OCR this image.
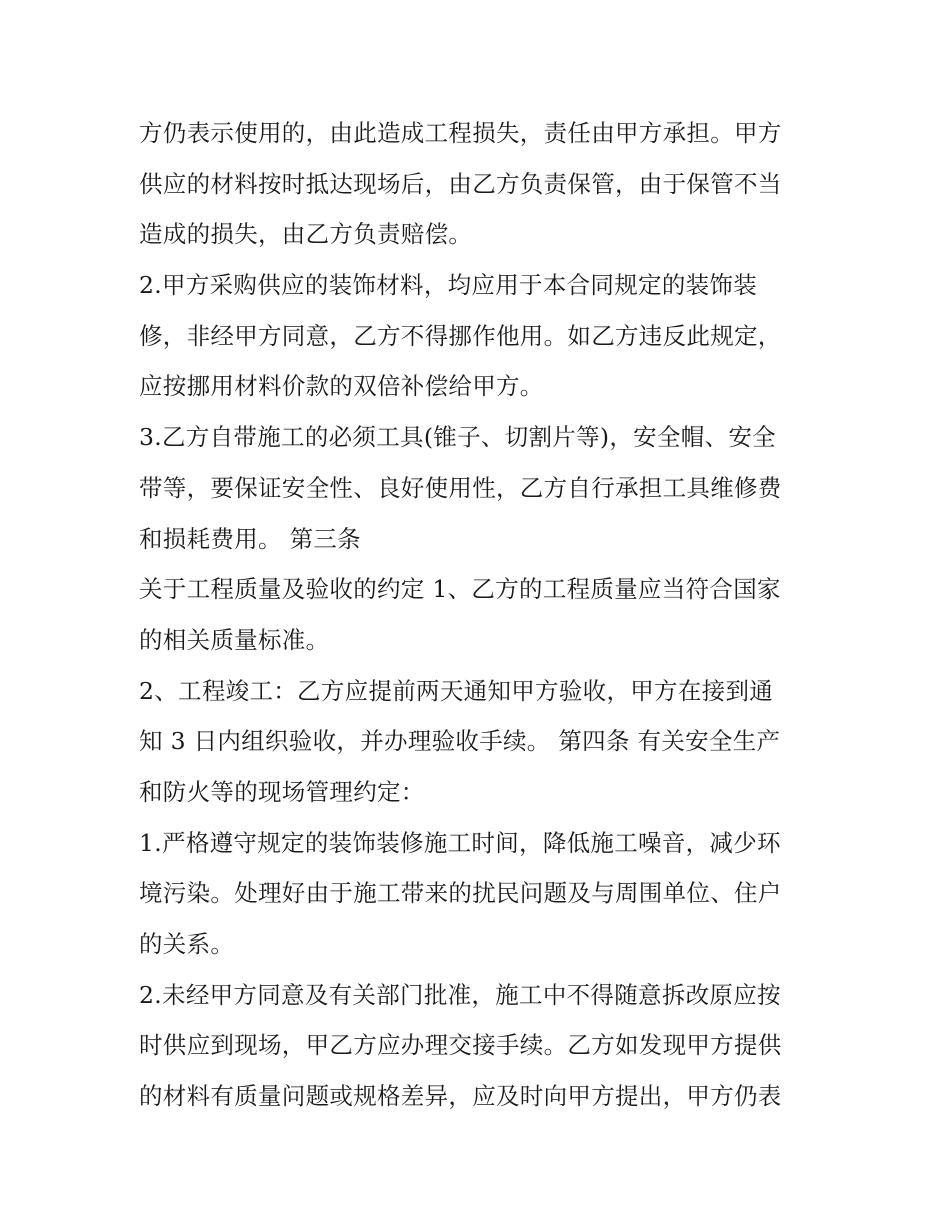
方仍表示使用的，由此造成工程损失，责任由甲方承担。甲方
供应的材料按时抵达现场后，由乙方负责保管，由于保管不当
造成的损失，由乙方负责赔偿。
2.甲方采购供应的装饰材料，均应用于本合同规定的装饰装
修，非经甲方同意，乙方不得挪作他用。如乙方违反此规定，
应按挪用材料价款的双倍补偿给甲方。
3.乙方自带施工的必须工具(锥子、切割片等)，安全帽、安全
带等，要保证安全性、良好使用性，乙方自行承担工具维修费
和损耗费用。 第三条
关于工程质量及验收的约定 1、乙方的工程质量应当符合国家
的相关质量标准。
2、工程竣工：乙方应提前两天通知甲方验收，甲方在接到通
知 3 日内组织验收，并办理验收手续。 第四条 有关安全生产
和防火等的现场管理约定：
1.严格遵守规定的装饰装修施工时间，降低施工噪音，减少环
境污染。处理好由于施工带来的扰民问题及与周围单位、住户
的关系。
2.未经甲方同意及有关部门批准，施工中不得随意拆改原应按
时供应到现场，甲乙方应办理交接手续。乙方如发现甲方提供
的材料有质量问题或规格差异，应及时向甲方提出，甲方仍表
